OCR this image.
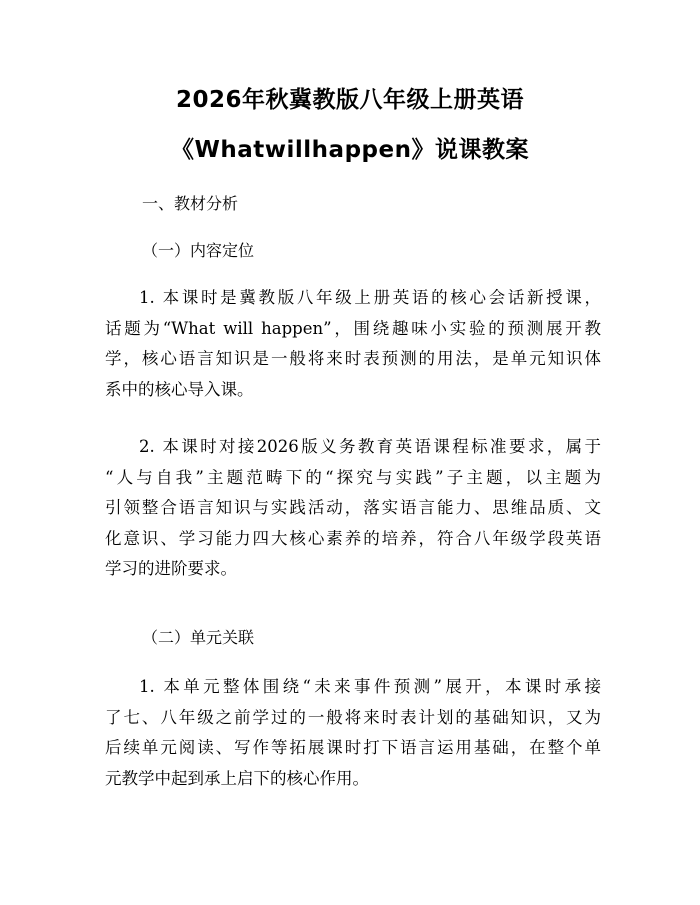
2026年秋冀教版八年级上册英语
《Whatwillhappen》说课教案
一、教材分析
（一）内容定位
1. 本课时是冀教版八年级上册英语的核心会话新授课，
话题为“What will happen”，围绕趣味小实验的预测展开教
学，核心语言知识是一般将来时表预测的用法，是单元知识体
系中的核心导入课。
2. 本课时对接2026版义务教育英语课程标准要求，属于
“人与自我”主题范畴下的“探究与实践”子主题，以主题为
引领整合语言知识与实践活动，落实语言能力、思维品质、文
化意识、学习能力四大核心素养的培养，符合八年级学段英语
学习的进阶要求。
（二）单元关联
1. 本单元整体围绕“未来事件预测”展开，本课时承接
了七、八年级之前学过的一般将来时表计划的基础知识，又为
后续单元阅读、写作等拓展课时打下语言运用基础，在整个单
元教学中起到承上启下的核心作用。
